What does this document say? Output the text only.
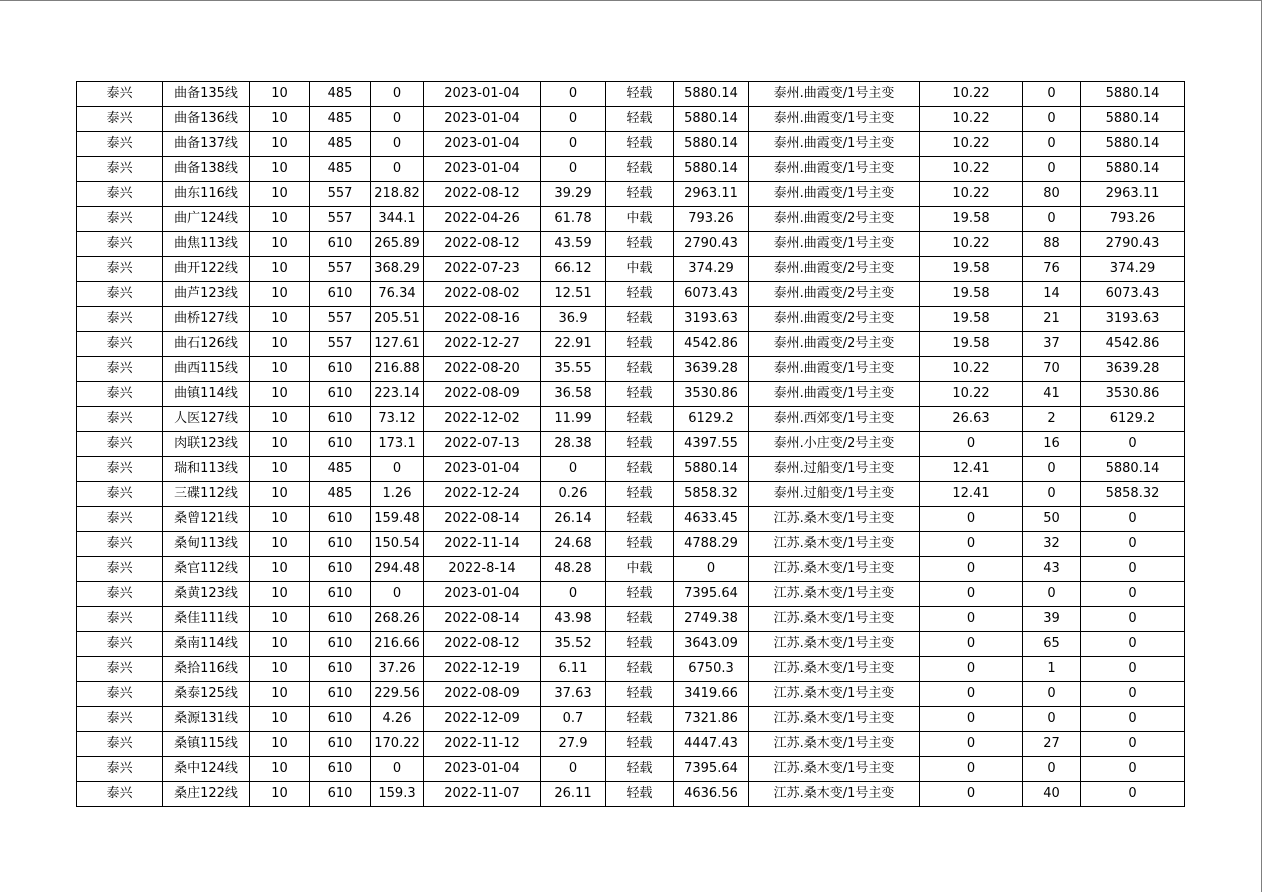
泰兴	曲备135线	10	485	0	2023-01-04	0	轻载	5880.14	泰州.曲霞变/1号主变	10.22	0	5880.14
泰兴	曲备136线	10	485	0	2023-01-04	0	轻载	5880.14	泰州.曲霞变/1号主变	10.22	0	5880.14
泰兴	曲备137线	10	485	0	2023-01-04	0	轻载	5880.14	泰州.曲霞变/1号主变	10.22	0	5880.14
泰兴	曲备138线	10	485	0	2023-01-04	0	轻载	5880.14	泰州.曲霞变/1号主变	10.22	0	5880.14
泰兴	曲东116线	10	557	218.82	2022-08-12	39.29	轻载	2963.11	泰州.曲霞变/1号主变	10.22	80	2963.11
泰兴	曲广124线	10	557	344.1	2022-04-26	61.78	中载	793.26	泰州.曲霞变/2号主变	19.58	0	793.26
泰兴	曲焦113线	10	610	265.89	2022-08-12	43.59	轻载	2790.43	泰州.曲霞变/1号主变	10.22	88	2790.43
泰兴	曲开122线	10	557	368.29	2022-07-23	66.12	中载	374.29	泰州.曲霞变/2号主变	19.58	76	374.29
泰兴	曲芦123线	10	610	76.34	2022-08-02	12.51	轻载	6073.43	泰州.曲霞变/2号主变	19.58	14	6073.43
泰兴	曲桥127线	10	557	205.51	2022-08-16	36.9	轻载	3193.63	泰州.曲霞变/2号主变	19.58	21	3193.63
泰兴	曲石126线	10	557	127.61	2022-12-27	22.91	轻载	4542.86	泰州.曲霞变/2号主变	19.58	37	4542.86
泰兴	曲西115线	10	610	216.88	2022-08-20	35.55	轻载	3639.28	泰州.曲霞变/1号主变	10.22	70	3639.28
泰兴	曲镇114线	10	610	223.14	2022-08-09	36.58	轻载	3530.86	泰州.曲霞变/1号主变	10.22	41	3530.86
泰兴	人医127线	10	610	73.12	2022-12-02	11.99	轻载	6129.2	泰州.西郊变/1号主变	26.63	2	6129.2
泰兴	肉联123线	10	610	173.1	2022-07-13	28.38	轻载	4397.55	泰州.小庄变/2号主变	0	16	0
泰兴	瑞和113线	10	485	0	2023-01-04	0	轻载	5880.14	泰州.过船变/1号主变	12.41	0	5880.14
泰兴	三碟112线	10	485	1.26	2022-12-24	0.26	轻载	5858.32	泰州.过船变/1号主变	12.41	0	5858.32
泰兴	桑曾121线	10	610	159.48	2022-08-14	26.14	轻载	4633.45	江苏.桑木变/1号主变	0	50	0
泰兴	桑甸113线	10	610	150.54	2022-11-14	24.68	轻载	4788.29	江苏.桑木变/1号主变	0	32	0
泰兴	桑官112线	10	610	294.48	2022-8-14	48.28	中载	0	江苏.桑木变/1号主变	0	43	0
泰兴	桑黄123线	10	610	0	2023-01-04	0	轻载	7395.64	江苏.桑木变/1号主变	0	0	0
泰兴	桑佳111线	10	610	268.26	2022-08-14	43.98	轻载	2749.38	江苏.桑木变/1号主变	0	39	0
泰兴	桑南114线	10	610	216.66	2022-08-12	35.52	轻载	3643.09	江苏.桑木变/1号主变	0	65	0
泰兴	桑拾116线	10	610	37.26	2022-12-19	6.11	轻载	6750.3	江苏.桑木变/1号主变	0	1	0
泰兴	桑泰125线	10	610	229.56	2022-08-09	37.63	轻载	3419.66	江苏.桑木变/1号主变	0	0	0
泰兴	桑源131线	10	610	4.26	2022-12-09	0.7	轻载	7321.86	江苏.桑木变/1号主变	0	0	0
泰兴	桑镇115线	10	610	170.22	2022-11-12	27.9	轻载	4447.43	江苏.桑木变/1号主变	0	27	0
泰兴	桑中124线	10	610	0	2023-01-04	0	轻载	7395.64	江苏.桑木变/1号主变	0	0	0
泰兴	桑庄122线	10	610	159.3	2022-11-07	26.11	轻载	4636.56	江苏.桑木变/1号主变	0	40	0
